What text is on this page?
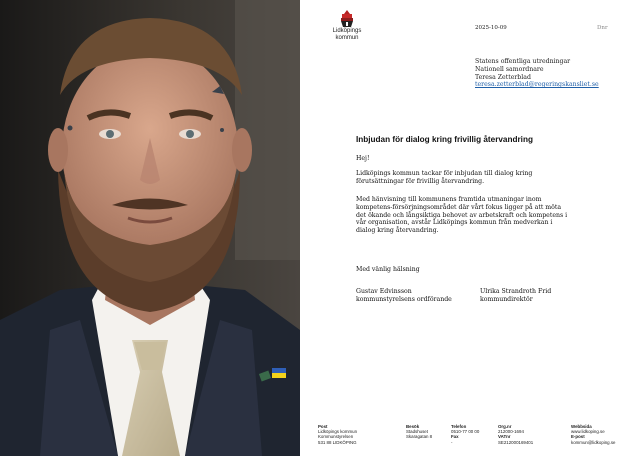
Lidköpings
kommun
2025-10-09	Dnr
Statens offentliga utredningar
Nationell samordnare
Teresa Zetterblad
teresa.zetterblad@regeringskansliet.se
Inbjudan för dialog kring frivillig återvandring
Hej!
Lidköpings kommun tackar för inbjudan till dialog kring förutsättningar för frivillig återvandring.
Med hänvisning till kommunens framtida utmaningar inom kompetens-försörjningsområdet där vårt fokus ligger på att möta det ökande och långsiktiga behovet av arbetskraft och kompetens i vår organisation, avstår Lidköpings kommun från medverkan i dialog kring återvandring.
Med vänlig hälsning
Gustav Edvinsson
kommunstyrelsens ordförande
Ulrika Strandroth Frid
kommundirektör
Post
Lidköpings kommun
Kommunstyrelsen
531 88 LIDKÖPING
Besök
Stadshuset
Skaragatan 8
Telefon
0510-77 00 00
Fax
-
Org.nr
212000-1694
VATnr
SE212000169401
Webbsida
www.lidkoping.se
E-post
kommun@lidkoping.se
